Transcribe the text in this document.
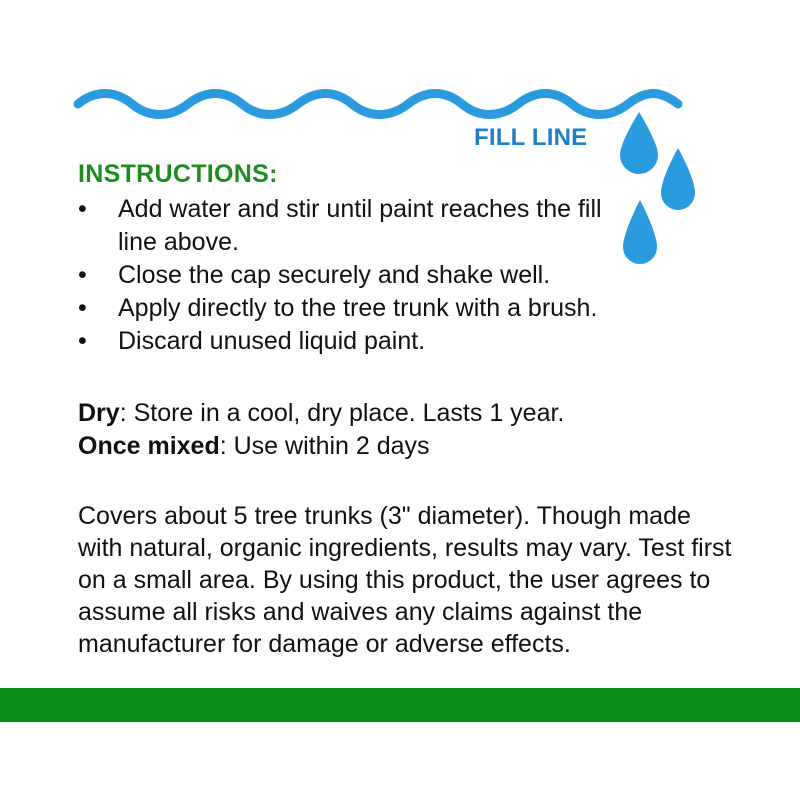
FILL LINE
INSTRUCTIONS:
• Add water and stir until paint reaches the fill line above.
• Close the cap securely and shake well.
• Apply directly to the tree trunk with a brush.
• Discard unused liquid paint.
Dry: Store in a cool, dry place. Lasts 1 year.
Once mixed: Use within 2 days

Covers about 5 tree trunks (3" diameter). Though made with natural, organic ingredients, results may vary. Test first on a small area. By using this product, the user agrees to assume all risks and waives any claims against the manufacturer for damage or adverse effects.
